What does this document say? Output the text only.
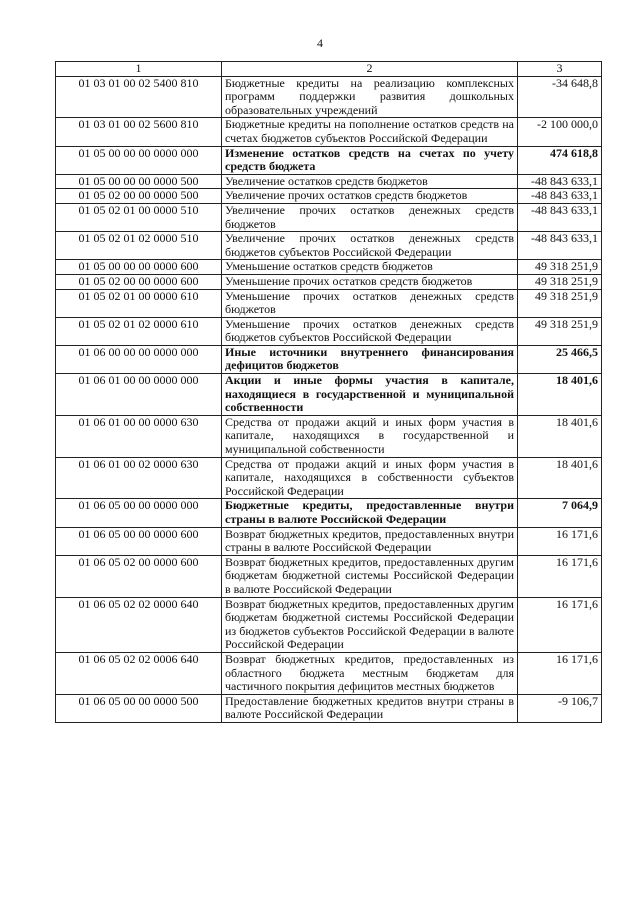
4
1	2	3
01 03 01 00 02 5400 810	Бюджетные кредиты на реализацию комплексных программ поддержки развития дошкольных образовательных учреждений	-34 648,8
01 03 01 00 02 5600 810	Бюджетные кредиты на пополнение остатков средств на счетах бюджетов субъектов Российской Федерации	-2 100 000,0
01 05 00 00 00 0000 000	Изменение остатков средств на счетах по учету средств бюджета	474 618,8
01 05 00 00 00 0000 500	Увеличение остатков средств бюджетов	-48 843 633,1
01 05 02 00 00 0000 500	Увеличение прочих остатков средств бюджетов	-48 843 633,1
01 05 02 01 00 0000 510	Увеличение прочих остатков денежных средств бюджетов	-48 843 633,1
01 05 02 01 02 0000 510	Увеличение прочих остатков денежных средств бюджетов субъектов Российской Федерации	-48 843 633,1
01 05 00 00 00 0000 600	Уменьшение остатков средств бюджетов	49 318 251,9
01 05 02 00 00 0000 600	Уменьшение прочих остатков средств бюджетов	49 318 251,9
01 05 02 01 00 0000 610	Уменьшение прочих остатков денежных средств бюджетов	49 318 251,9
01 05 02 01 02 0000 610	Уменьшение прочих остатков денежных средств бюджетов субъектов Российской Федерации	49 318 251,9
01 06 00 00 00 0000 000	Иные источники внутреннего финансирования дефицитов бюджетов	25 466,5
01 06 01 00 00 0000 000	Акции и иные формы участия в капитале, находящиеся в государственной и муниципальной собственности	18 401,6
01 06 01 00 00 0000 630	Средства от продажи акций и иных форм участия в капитале, находящихся в государственной и муниципальной собственности	18 401,6
01 06 01 00 02 0000 630	Средства от продажи акций и иных форм участия в капитале, находящихся в собственности субъектов Российской Федерации	18 401,6
01 06 05 00 00 0000 000	Бюджетные кредиты, предоставленные внутри страны в валюте Российской Федерации	7 064,9
01 06 05 00 00 0000 600	Возврат бюджетных кредитов, предоставленных внутри страны в валюте Российской Федерации	16 171,6
01 06 05 02 00 0000 600	Возврат бюджетных кредитов, предоставленных другим бюджетам бюджетной системы Российской Федерации в валюте Российской Федерации	16 171,6
01 06 05 02 02 0000 640	Возврат бюджетных кредитов, предоставленных другим бюджетам бюджетной системы Российской Федерации из бюджетов субъектов Российской Федерации в валюте Российской Федерации	16 171,6
01 06 05 02 02 0006 640	Возврат бюджетных кредитов, предоставленных из областного бюджета местным бюджетам для частичного покрытия дефицитов местных бюджетов	16 171,6
01 06 05 00 00 0000 500	Предоставление бюджетных кредитов внутри страны в валюте Российской Федерации	-9 106,7
